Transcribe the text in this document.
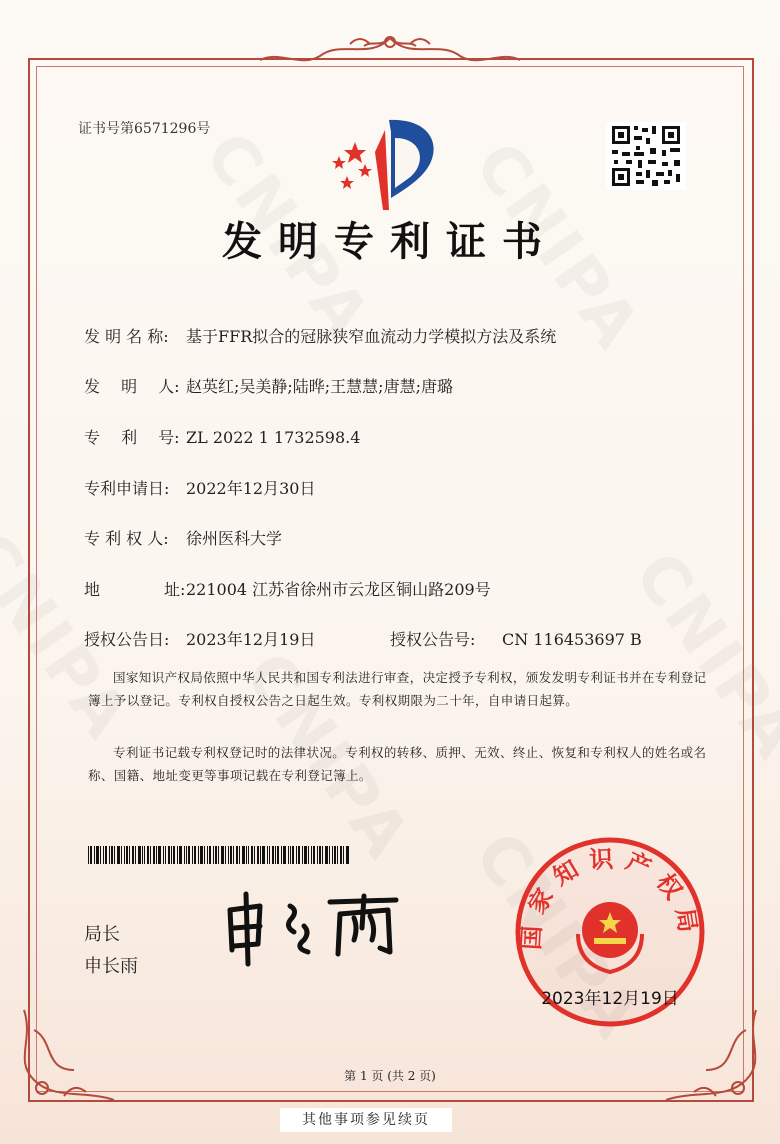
证书号第6571296号
发明专利证书
发 明 名 称: 基于FFR拟合的冠脉狭窄血流动力学模拟方法及系统
发　 明 　人: 赵英红;吴美静;陆晔;王慧慧;唐慧;唐璐
专　 利 　号: ZL 2022 1 1732598.4
专利申请日: 2022年12月30日
专 利 权 人: 徐州医科大学
地　　　　址:221004 江苏省徐州市云龙区铜山路209号
授权公告日: 2023年12月19日	授权公告号: CN 116453697 B

国家知识产权局依照中华人民共和国专利法进行审查，决定授予专利权，颁发发明专利证书并在专利登记簿上予以登记。专利权自授权公告之日起生效。专利权期限为二十年，自申请日起算。

专利证书记载专利权登记时的法律状况。专利权的转移、质押、无效、终止、恢复和专利权人的姓名或名称、国籍、地址变更等事项记载在专利登记簿上。

局长
申长雨
国家知识产权局
2023年12月19日
第 1 页 (共 2 页)
其他事项参见续页
